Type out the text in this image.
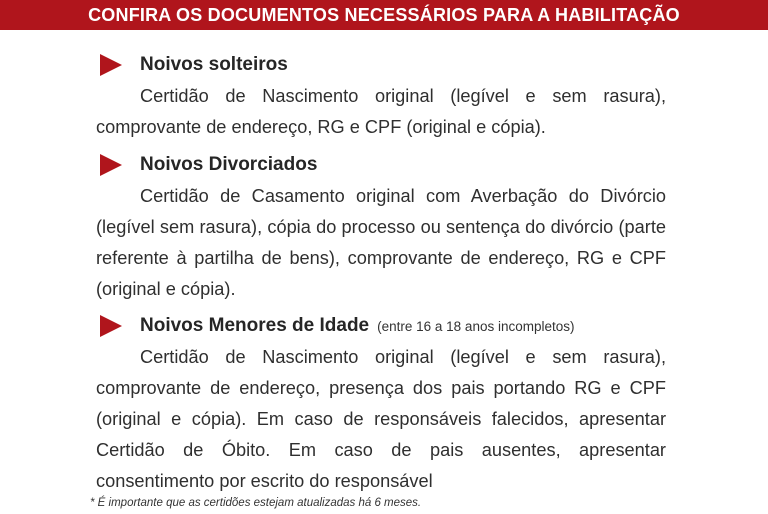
CONFIRA OS DOCUMENTOS NECESSÁRIOS PARA A HABILITAÇÃO
Noivos solteiros
Certidão de Nascimento original (legível e sem rasura), comprovante de endereço, RG e CPF (original e cópia).
Noivos Divorciados
Certidão de Casamento original com Averbação do Divórcio (legível sem rasura), cópia do processo ou sentença do divórcio (parte referente à partilha de bens), comprovante de endereço, RG e CPF (original e cópia).
Noivos Menores de Idade (entre 16 a 18 anos incompletos)
Certidão de Nascimento original (legível e sem rasura), comprovante de endereço, presença dos pais portando RG e CPF (original e cópia). Em caso de responsáveis falecidos, apresentar Certidão de Óbito. Em caso de pais ausentes, apresentar consentimento por escrito do responsável
* É importante que as certidões estejam atualizadas há 6 meses.
